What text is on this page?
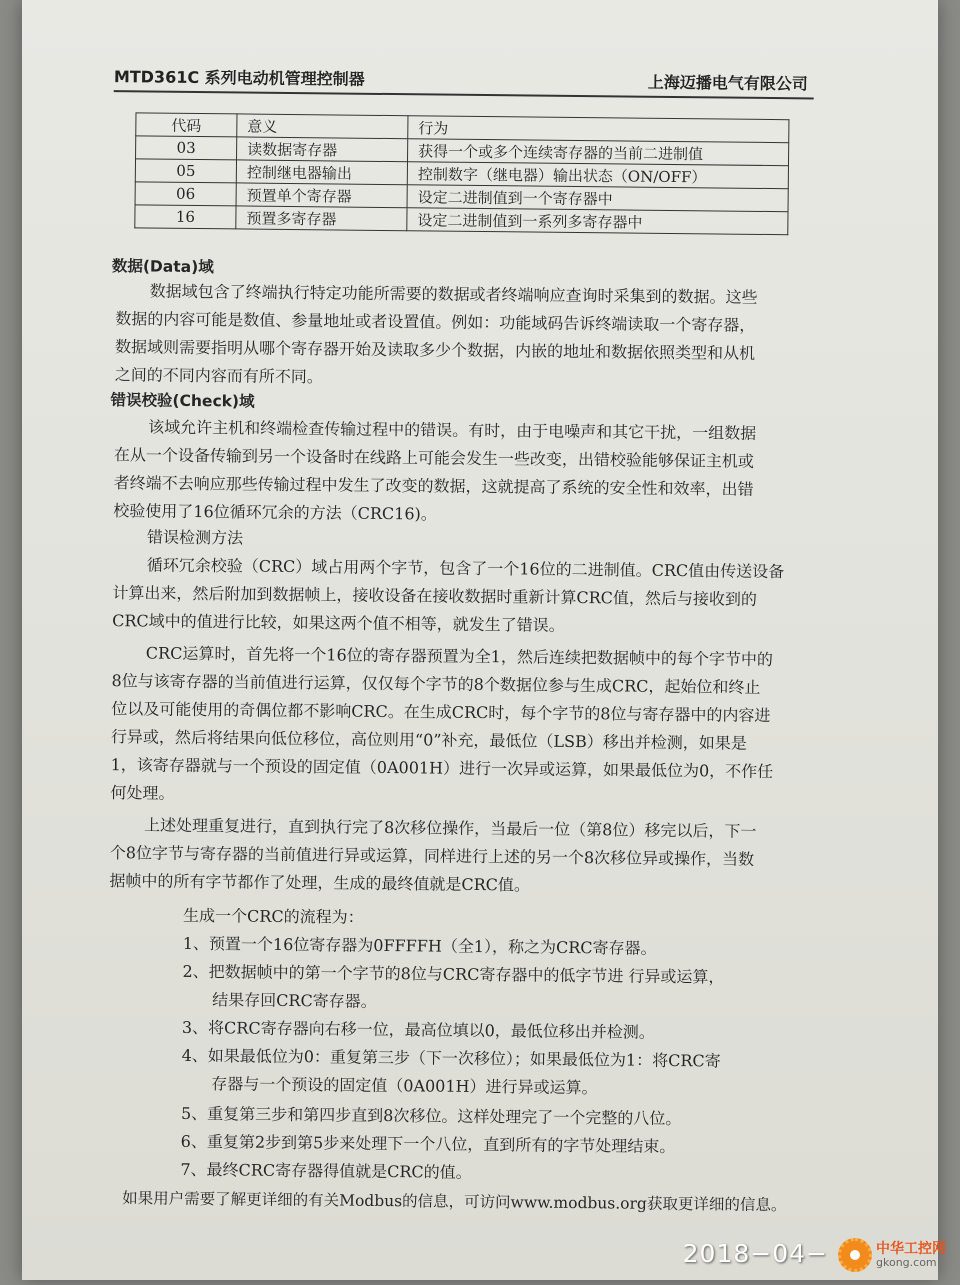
MTD361C 系列电动机管理控制器	上海迈播电气有限公司
代码	意义	行为
03	读数据寄存器	获得一个或多个连续寄存器的当前二进制值
05	控制继电器输出	控制数字（继电器）输出状态（ON/OFF）
06	预置单个寄存器	设定二进制值到一个寄存器中
16	预置多寄存器	设定二进制值到一系列多寄存器中
数据(Data)域
数据域包含了终端执行特定功能所需要的数据或者终端响应查询时采集到的数据。这些
数据的内容可能是数值、参量地址或者设置值。例如：功能域码告诉终端读取一个寄存器，
数据域则需要指明从哪个寄存器开始及读取多少个数据，内嵌的地址和数据依照类型和从机
之间的不同内容而有所不同。
错误校验(Check)域
该域允许主机和终端检查传输过程中的错误。有时，由于电噪声和其它干扰，一组数据
在从一个设备传输到另一个设备时在线路上可能会发生一些改变，出错校验能够保证主机或
者终端不去响应那些传输过程中发生了改变的数据，这就提高了系统的安全性和效率，出错
校验使用了16位循环冗余的方法（CRC16)。
错误检测方法
循环冗余校验（CRC）域占用两个字节，包含了一个16位的二进制值。CRC值由传送设备
计算出来，然后附加到数据帧上，接收设备在接收数据时重新计算CRC值，然后与接收到的
CRC域中的值进行比较，如果这两个值不相等，就发生了错误。
CRC运算时，首先将一个16位的寄存器预置为全1，然后连续把数据帧中的每个字节中的
8位与该寄存器的当前值进行运算，仅仅每个字节的8个数据位参与生成CRC，起始位和终止
位以及可能使用的奇偶位都不影响CRC。在生成CRC时，每个字节的8位与寄存器中的内容进
行异或，然后将结果向低位移位，高位则用“0”补充，最低位（LSB）移出并检测，如果是
1，该寄存器就与一个预设的固定值（0A001H）进行一次异或运算，如果最低位为0，不作任
何处理。
上述处理重复进行，直到执行完了8次移位操作，当最后一位（第8位）移完以后，下一
个8位字节与寄存器的当前值进行异或运算，同样进行上述的另一个8次移位异或操作，当数
据帧中的所有字节都作了处理，生成的最终值就是CRC值。
生成一个CRC的流程为：
1、预置一个16位寄存器为0FFFFH（全1），称之为CRC寄存器。
2、把数据帧中的第一个字节的8位与CRC寄存器中的低字节进 行异或运算，
结果存回CRC寄存器。
3、将CRC寄存器向右移一位，最高位填以0，最低位移出并检测。
4、如果最低位为0：重复第三步（下一次移位）；如果最低位为1：将CRC寄
存器与一个预设的固定值（0A001H）进行异或运算。
5、重复第三步和第四步直到8次移位。这样处理完了一个完整的八位。
6、重复第2步到第5步来处理下一个八位，直到所有的字节处理结束。
7、最终CRC寄存器得值就是CRC的值。
如果用户需要了解更详细的有关Modbus的信息，可访问www.modbus.org获取更详细的信息。
2018−04−	中华工控网
gkong.com
